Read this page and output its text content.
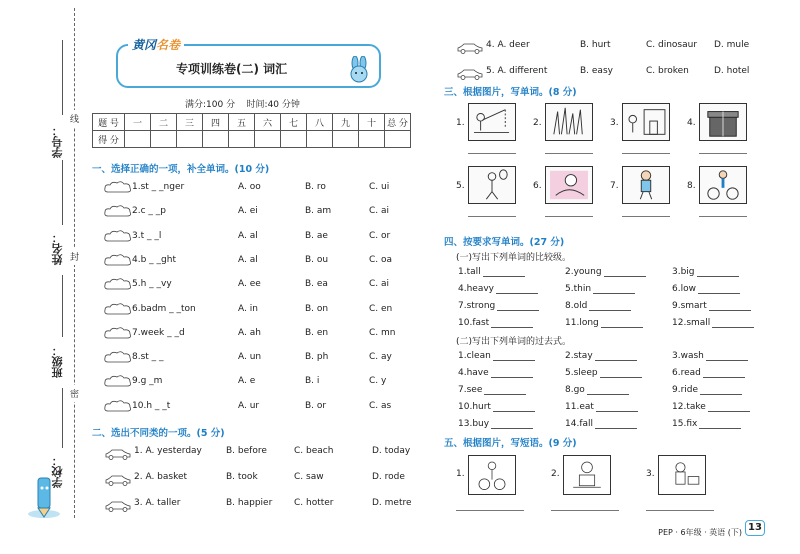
线
封
密
学号：
姓名：
班级：
学校：
黄冈名卷
专项训练卷(二) 词汇
满分:100 分 时间:40 分钟
题 号	一	二	三	四	五	六	七	八	九	十	总 分
得 分											
一、选择正确的一项，补全单词。(10 分)
1.st _ _nger	A. oo	B. ro	C. ui
2.c _ _p	A. ei	B. am	C. ai
3.t _ _l	A. al	B. ae	C. or
4.b _ _ght	A. al	B. ou	C. oa
5.h _ _vy	A. ee	B. ea	C. ai
6.badm _ _ton	A. in	B. on	C. en
7.week _ _d	A. ah	B. en	C. mn
8.st _ _	A. un	B. ph	C. ay
9.g _m	A. e	B. i	C. y
10.h _ _t	A. ur	B. or	C. as
二、选出不同类的一项。(5 分)
1. A. yesterday	B. before	C. beach	D. today
2. A. basket	B. took	C. saw	D. rode
3. A. taller	B. happier C. hotter	D. metre
4. A. deer	B. hurt	C. dinosaur D. mule
5. A. different	B. easy	C. broken	D. hotel
三、根据图片，写单词。(8 分)
1.	2.	3.	4.
5.	6.	7.	8.
四、按要求写单词。(27 分)
(一)写出下列单词的比较级。
1.tall	2.young	3.big
4.heavy	5.thin	6.low
7.strong	8.old	9.smart
10.fast	11.long	12.small
(二)写出下列单词的过去式。
1.clean	2.stay	3.wash
4.have	5.sleep	6.read
7.see	8.go	9.ride
10.hurt	11.eat	12.take
13.buy	14.fall	15.fix
五、根据图片，写短语。(9 分)
1.	2.	3.
PEP · 6年级 · 英语 (下) 13
